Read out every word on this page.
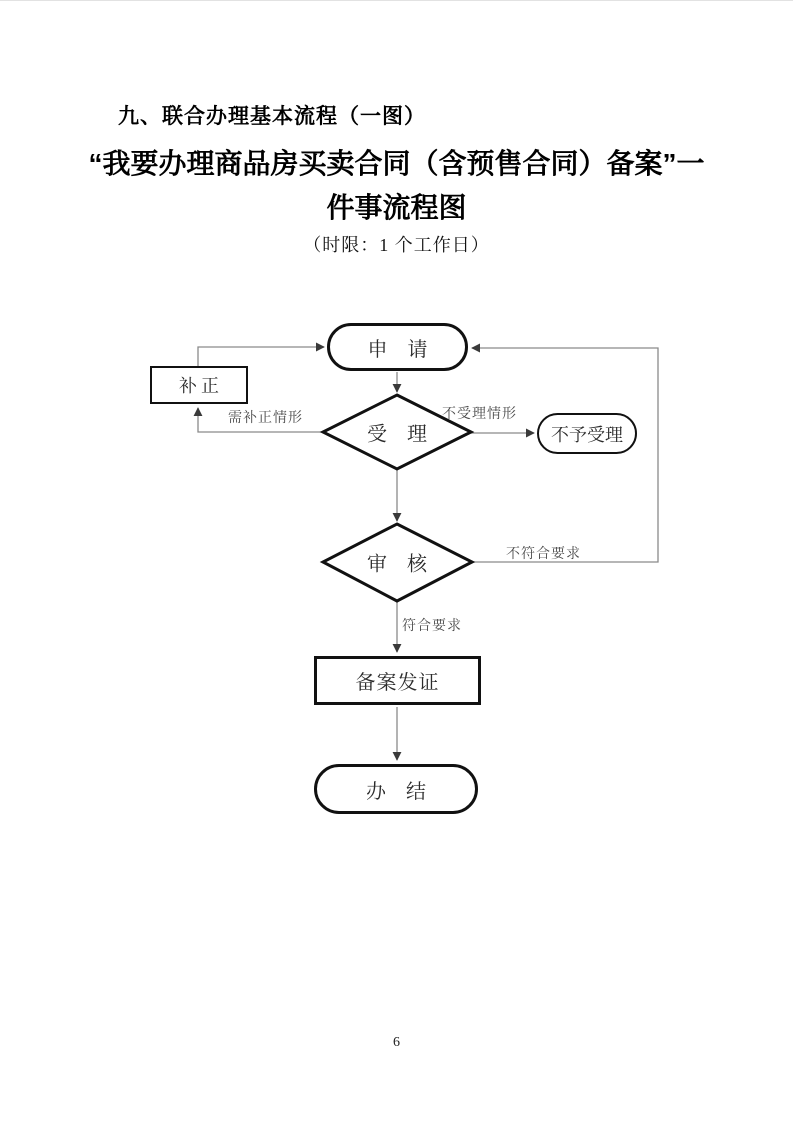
九、联合办理基本流程（一图）
“我要办理商品房买卖合同（含预售合同）备案”一
件事流程图
（时限：1 个工作日）
申　请
补正
不予受理
备案发证
办　结
受　理
审　核
需补正情形	不受理情形
不符合要求
符合要求
6
